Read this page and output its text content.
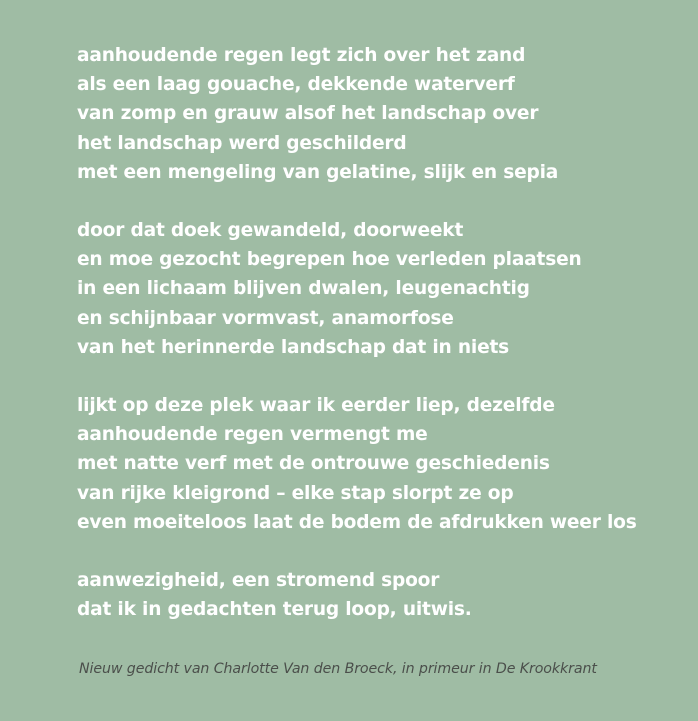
aanhoudende regen legt zich over het zand
als een laag gouache, dekkende waterverf
van zomp en grauw alsof het landschap over
het landschap werd geschilderd
met een mengeling van gelatine, slijk en sepia
door dat doek gewandeld, doorweekt
en moe gezocht begrepen hoe verleden plaatsen
in een lichaam blijven dwalen, leugenachtig
en schijnbaar vormvast, anamorfose
van het herinnerde landschap dat in niets
lijkt op deze plek waar ik eerder liep, dezelfde
aanhoudende regen vermengt me
met natte verf met de ontrouwe geschiedenis
van rijke kleigrond – elke stap slorpt ze op
even moeiteloos laat de bodem de afdrukken weer los
aanwezigheid, een stromend spoor
dat ik in gedachten terug loop, uitwis.
Nieuw gedicht van Charlotte Van den Broeck, in primeur in De Krookkrant
